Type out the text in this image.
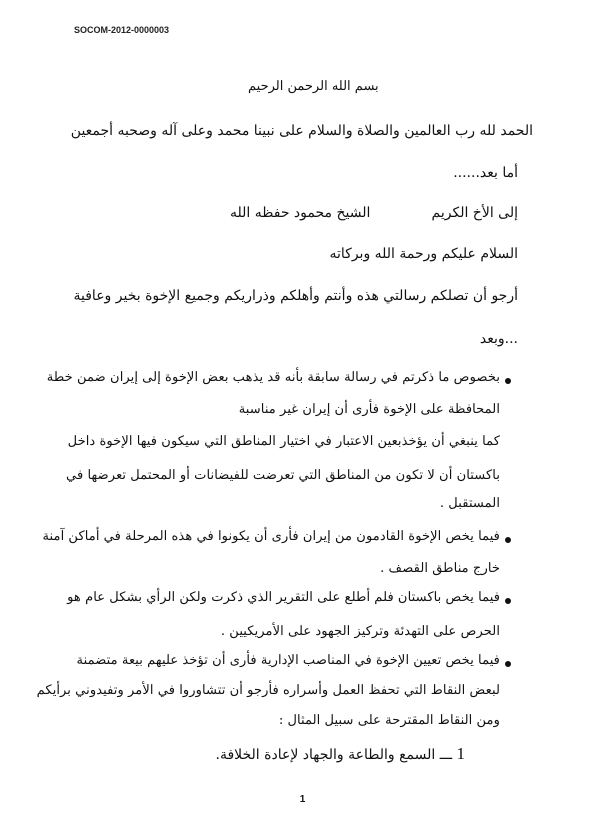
SOCOM-2012-0000003
بسم الله الرحمن الرحيم
الحمد لله رب العالمين والصلاة والسلام على نبينا محمد وعلى آله وصحبه أجمعين
أما بعد......
إلى الأخ الكريم
الشيخ محمود حفظه الله
السلام عليكم ورحمة الله وبركاته
أرجو أن تصلكم رسالتي هذه وأنتم وأهلكم وذراريكم وجميع الإخوة بخير وعافية
...وبعد
بخصوص ما ذكرتم في رسالة سابقة بأنه قد يذهب بعض الإخوة إلى إيران ضمن خطة
المحافظة على الإخوة فأرى أن إيران غير مناسبة
كما ينبغي أن يؤخذبعين الاعتبار في اختيار المناطق التي سيكون فيها الإخوة داخل
باكستان أن لا تكون من المناطق التي تعرضت للفيضانات أو المحتمل تعرضها في
المستقبل .
فيما يخص الإخوة القادمون من إيران فأرى أن يكونوا في هذه المرحلة في أماكن آمنة
خارج مناطق القصف .
فيما يخص باكستان فلم أطلع على التقرير الذي ذكرت ولكن الرأي بشكل عام هو
الحرص على التهدئة وتركيز الجهود على الأمريكيين .
فيما يخص تعيين الإخوة في المناصب الإدارية فأرى أن تؤخذ عليهم بيعة متضمنة
لبعض النقاط التي تحفظ العمل وأسراره فأرجو أن تتشاوروا في الأمر وتفيدوني برأيكم
ومن النقاط المقترحة على سبيل المثال :
1 ـــ السمع والطاعة والجهاد لإعادة الخلافة.
1
